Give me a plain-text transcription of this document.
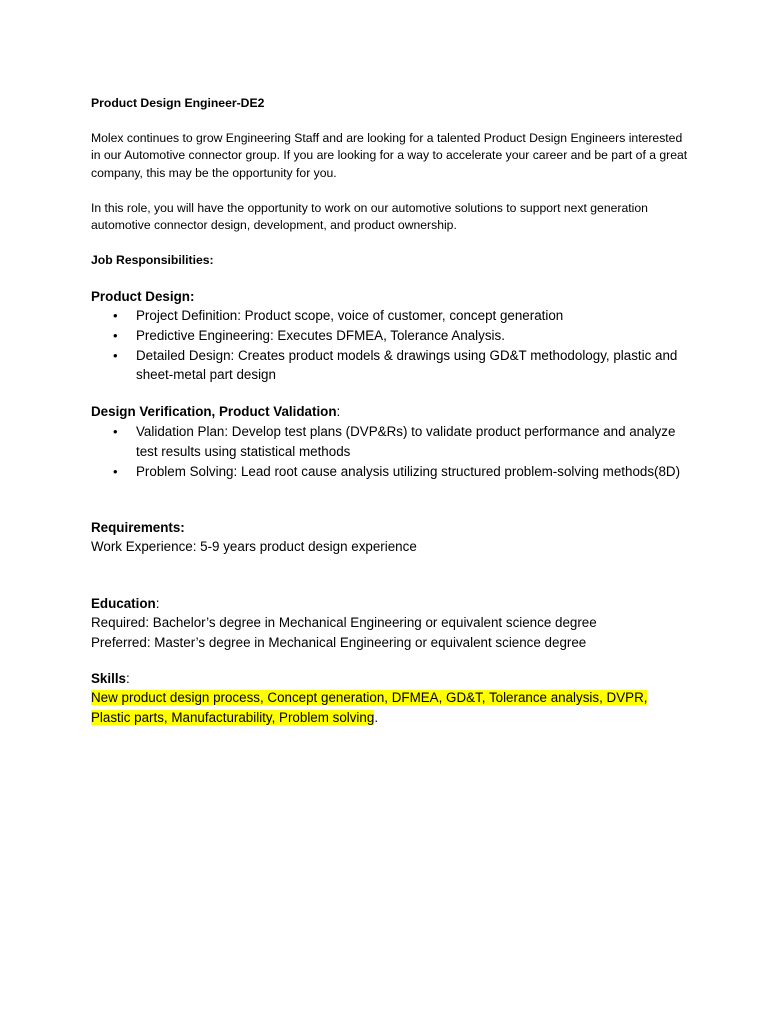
Product Design Engineer-DE2
Molex continues to grow Engineering Staff and are looking for a talented Product Design Engineers interested in our Automotive connector group. If you are looking for a way to accelerate your career and be part of a great company, this may be the opportunity for you.
In this role, you will have the opportunity to work on our automotive solutions to support next generation automotive connector design, development, and product ownership.
Job Responsibilities:
Product Design:
• Project Definition: Product scope, voice of customer, concept generation
• Predictive Engineering: Executes DFMEA, Tolerance Analysis.
• Detailed Design: Creates product models & drawings using GD&T methodology, plastic and sheet-metal part design
Design Verification, Product Validation:
• Validation Plan: Develop test plans (DVP&Rs) to validate product performance and analyze test results using statistical methods
• Problem Solving: Lead root cause analysis utilizing structured problem-solving methods(8D)
Requirements:
Work Experience: 5-9 years product design experience
Education:
Required: Bachelor’s degree in Mechanical Engineering or equivalent science degree
Preferred: Master’s degree in Mechanical Engineering or equivalent science degree
Skills:
New product design process, Concept generation, DFMEA, GD&T, Tolerance analysis, DVPR, Plastic parts, Manufacturability, Problem solving.
